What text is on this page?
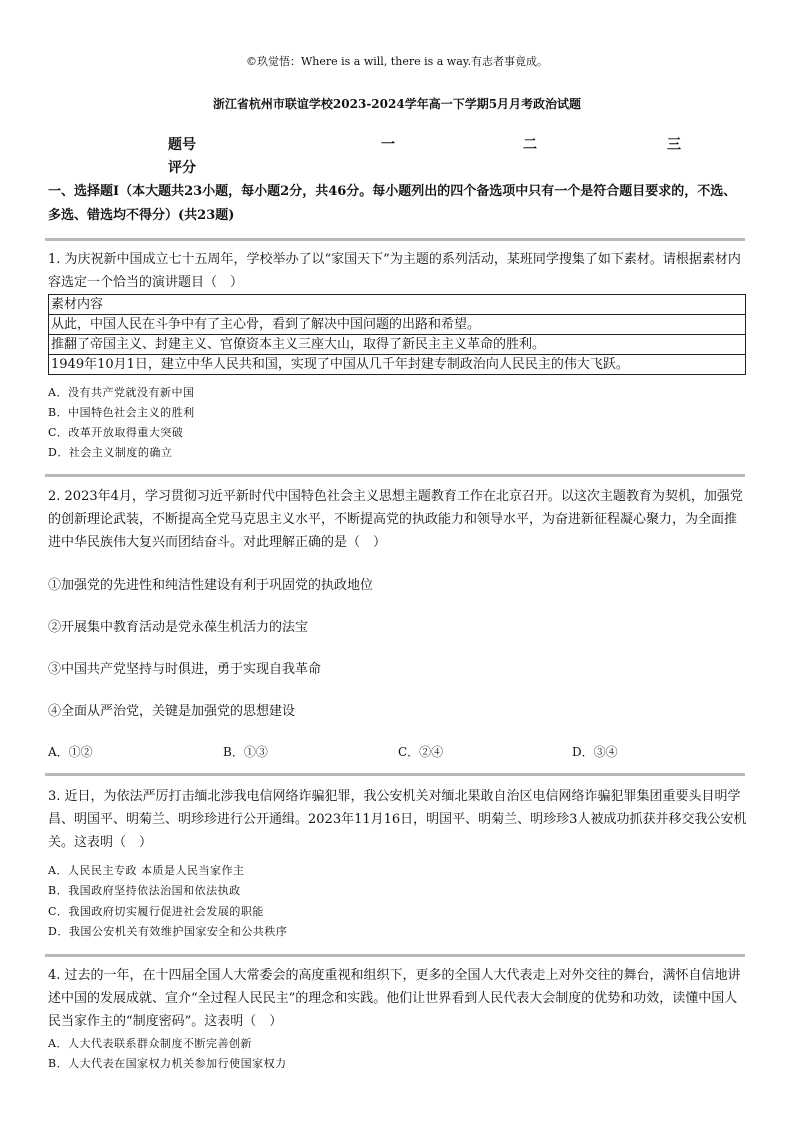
©玖觉悟：Where is a will, there is a way.有志者事竟成。
浙江省杭州市联谊学校2023-2024学年高一下学期5月月考政治试题
题号	一	二	三
评分
一、选择题Ⅰ（本大题共23小题，每小题2分，共46分。每小题列出的四个备选项中只有一个是符合题目要求的，不选、多选、错选均不得分）(共23题)
1. 为庆祝新中国成立七十五周年，学校举办了以“家国天下”为主题的系列活动，某班同学搜集了如下素材。请根据素材内容选定一个恰当的演讲题目（　）
素材内容
从此，中国人民在斗争中有了主心骨，看到了解决中国问题的出路和希望。
推翻了帝国主义、封建主义、官僚资本主义三座大山，取得了新民主主义革命的胜利。
1949年10月1日，建立中华人民共和国，实现了中国从几千年封建专制政治向人民民主的伟大飞跃。
A．没有共产党就没有新中国
B．中国特色社会主义的胜利
C．改革开放取得重大突破
D．社会主义制度的确立
2. 2023年4月，学习贯彻习近平新时代中国特色社会主义思想主题教育工作在北京召开。以这次主题教育为契机，加强党的创新理论武装，不断提高全党马克思主义水平，不断提高党的执政能力和领导水平，为奋进新征程凝心聚力，为全面推进中华民族伟大复兴而团结奋斗。对此理解正确的是（　）
①加强党的先进性和纯洁性建设有利于巩固党的执政地位
②开展集中教育活动是党永葆生机活力的法宝
③中国共产党坚持与时俱进，勇于实现自我革命
④全面从严治党，关键是加强党的思想建设
A．①②	B．①③	C．②④	D．③④
3. 近日，为依法严厉打击缅北涉我电信网络诈骗犯罪，我公安机关对缅北果敢自治区电信网络诈骗犯罪集团重要头目明学昌、明国平、明菊兰、明珍珍进行公开通缉。2023年11月16日，明国平、明菊兰、明珍珍3人被成功抓获并移交我公安机关。这表明（　）
A．人民民主专政 本质是人民当家作主
B．我国政府坚持依法治国和依法执政
C．我国政府切实履行促进社会发展的职能
D．我国公安机关有效维护国家安全和公共秩序
4. 过去的一年，在十四届全国人大常委会的高度重视和组织下，更多的全国人大代表走上对外交往的舞台，满怀自信地讲述中国的发展成就、宣介“全过程人民民主”的理念和实践。他们让世界看到人民代表大会制度的优势和功效，读懂中国人民当家作主的“制度密码”。这表明（　）
A．人大代表联系群众制度不断完善创新
B．人大代表在国家权力机关参加行使国家权力
